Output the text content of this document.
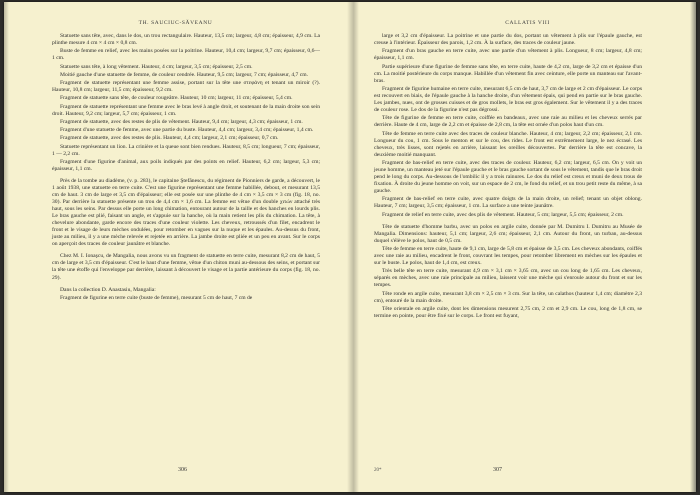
TH. SAUCIUC-SĂVEANU

Statuette sans tête, avec, dans le dos, un trou rectangulaire. Hauteur, 13,5 cm; largeur, 4,8 cm; épaisseur, 4,9 cm. La plinthe mesure 4 cm × 4 cm × 0,8 cm.

Buste de femme en relief, avec les mains posées sur la poitrine. Hauteur, 10,4 cm; largeur, 9,7 cm; épaisseur, 0,6—1 cm.

Statuette sans tête, à long vêtement. Hauteur, 4 cm; largeur, 3,5 cm; épaisseur, 2,5 cm.

Moitié gauche d'une statuette de femme, de couleur cendrée. Hauteur, 9,5 cm; largeur, 7 cm; épaisseur, 4,7 cm.

Fragment de statuette représentant une femme assise, portant sur la tête une στεφάνη et tenant un miroir (?). Hauteur, 10,8 cm; largeur, 11,5 cm; épaisseur, 9,2 cm.

Fragment de statuette sans tête, de couleur rougeâtre. Hauteur, 10 cm; largeur, 11 cm; épaisseur, 5,4 cm.

Fragment de statuette représentant une femme avec le bras levé à angle droit, et soutenant de la main droite son sein droit. Hauteur, 9,2 cm; largeur, 5,7 cm; épaisseur, 1 cm.

Fragment de statuette, avec des restes de plis de vêtement. Hauteur, 9,4 cm; largeur, 4,3 cm; épaisseur, 1 cm.

Fragment d'une statuette de femme, avec une partie du buste. Hauteur, 4,4 cm; largeur, 3,4 cm; épaisseur, 1,4 cm.

Fragment de statuette, avec des restes de plis. Hauteur, 4,4 cm; largeur, 2,1 cm; épaisseur, 0,7 cm.

Statuette représentant un lion. La crinière et la queue sont bien rendues. Hauteur, 8,5 cm; longueur, 7 cm; épaisseur, 1 — 2,2 cm.

Fragment d'une figurine d'animal, aux poils indiqués par des points en relief. Hauteur, 6,2 cm; largeur, 5,3 cm; épaisseur, 1,1 cm.

Près de la tombe au diadème, (v. p. 283), le capitaine Ştefănescu, du régiment de Pionniers de garde, a découvert, le 1 août 1938, une statuette en terre cuite. C'est une figurine représentant une femme habillée, debout, et mesurant 13,5 cm de haut. 3 cm de large et 3,5 cm d'épaisseur; elle est posée sur une plinthe de 4 cm × 3,5 cm × 3 cm (fig. 18, no. 30). Par derrière la statuette présente un trou de 4,4 cm × 1,6 cm. La femme est vêtue d'un double χιτών attaché très haut, sous les seins. Par dessus elle porte un long chimation, entourant autour de la taille et des hanches en lourds plis. Le bras gauche est plié, faisant un angle, et s'appuie sur la hanche, où la main retient les plis du chimation. La tête, à chevelure abondante, garde encore des traces d'une couleur violette. Les cheveux, retroussés d'un filet, encadrent le front et le visage de leurs mèches ondulées, pour retomber en vagues sur la nuque et les épaules. Au-dessus du front, juste au milieu, il y a une mèche relevée et rejetée en arrière. La jambe droite est pliée et un peu en avant. Sur le corps on aperçoit des traces de couleur jaunâtre et blanche.

Chez M. I. Ionaşcu, de Mangalia, nous avons vu un fragment de statuette en terre cuite, mesurant 8,2 cm de haut, 5 cm de large et 3,5 cm d'épaisseur. C'est le haut d'une femme, vêtue d'un chiton muni au-dessous des seins, et portant sur la tête une étoffe qui l'enveloppe par derrière, laissant à découvert le visage et la partie antérieure du corps (fig. 18, no. 29).

Dans la collection D. Anastasiu, Mangalia:

Fragment de figurine en terre cuite (buste de femme), mesurant 5 cm de haut, 7 cm de

306
CALLATIS VIII

large et 3,2 cm d'épaisseur. La poitrine et une partie du dos, portant un vêtement à plis sur l'épaule gauche, est creuse à l'intérieur. Épaisseur des parois, 1,2 cm. À la surface, des traces de couleur jaune.

Fragment d'un bras gauche en terre cuite, avec une partie d'un vêtement à plis. Longueur, 8 cm; largeur, 4,8 cm; épaisseur, 1,1 cm.

Partie supérieure d'une figurine de femme sans tête, en terre cuite, haute de 4,2 cm, large de 3,2 cm et épaisse d'un cm. La moitié postérieure du corps manque. Habillée d'un vêtement fin avec ceinture, elle porte un manteau sur l'avant-bras.

Fragment de figurine humaine en terre cuite, mesurant 6,5 cm de haut, 3,7 cm de large et 2 cm d'épaisseur. Le corps est recouvert en biais, de l'épaule gauche à la hanche droite, d'un vêtement épais, qui pend en partie sur le bras gauche. Les jambes, nues, ont de grosses cuisses et de gros mollets, le bras est gros également. Sur le vêtement il y a des traces de couleur rose. Le dos de la figurine n'est pas dégrossi.

Tête de figurine de femme en terre cuite, coiffée en bandeaux, avec une raie au milieu et les cheveux serrés par derrière. Haute de 4 cm, large de 2,2 cm et épaisse de 2,8 cm, la tête est ornée d'un polos haut d'un cm.

Tête de femme en terre cuite avec des traces de couleur blanche. Hauteur, 4 cm; largeur, 2,2 cm; épaisseur, 2,1 cm. Longueur du cou, 1 cm. Sous le menton et sur le cou, des rides. Le front est extrêmement large, le nez écrasé. Les cheveux, très lisses, sont rejetés en arrière, laissant les oreilles découvertes. Par derrière la tête est concave, la deuxième moitié manquant.

Fragment de bas-relief en terre cuite, avec des traces de couleur. Hauteur, 6,2 cm; largeur, 6,5 cm. On y voit un jeune homme, un manteau jeté sur l'épaule gauche et le bras gauche sortant de sous le vêtement, tandis que le bras droit pend le long du corps. Au-dessous de l'ombilic il y a trois rainures. Le dos du relief est creux et muni de deux trous de fixation. À droite du jeune homme on voit, sur un espace de 2 cm, le fond du relief, et un trou petit reste du même, à sa gauche.

Fragment de bas-relief en terre cuite, avec quatre doigts de la main droite, un relief; tenant un objet oblong. Hauteur, 7 cm; largeur, 3,5 cm; épaisseur, 1 cm. La surface a une teinte jaunâtre.

Fragment de relief en terre cuite, avec des plis de vêtement. Hauteur, 5 cm; largeur, 5,5 cm; épaisseur, 2 cm.

Tête de statuette d'homme barbu, avec un polos en argile cuite, donnée par M. Dumitru I. Dumitru au Musée de Mangalia. Dimensions: hauteur, 5,1 cm; largeur, 2,6 cm; épaisseur, 2,1 cm. Autour du front, un turban, au-dessus duquel s'élève le polos, haut de 0,5 cm.

Tête de femme en terre cuite, haute de 9,1 cm, large de 5,8 cm et épaisse de 3,5 cm. Les cheveux abondants, coiffés avec une raie au milieu, encadrent le front, couvrant les tempes, pour retomber librement en mèches sur les épaules et sur le buste. Le polos, haut de 1,4 cm, est creux.

Très belle tête en terre cuite, mesurant 4,9 cm × 3,1 cm × 3,65 cm, avec un cou long de 1,65 cm. Les cheveux, séparés en mèches, avec une raie principale au milieu, laissent voir une mèche qui s'enroule autour du front et sur les tempes.

Tête ronde en argile cuite, mesurant 3,8 cm × 2,5 cm × 3 cm. Sur la tête, un calathos (hauteur 1,4 cm; diamètre 2,3 cm), entouré de la main droite.

Tête orientale en argile cuite, dont les dimensions mesurent 2,75 cm, 2 cm et 2,9 cm. Le cou, long de 1,8 cm, se termine en pointe, pour être fixé sur le corps. Le front est fuyant,

20*	307
